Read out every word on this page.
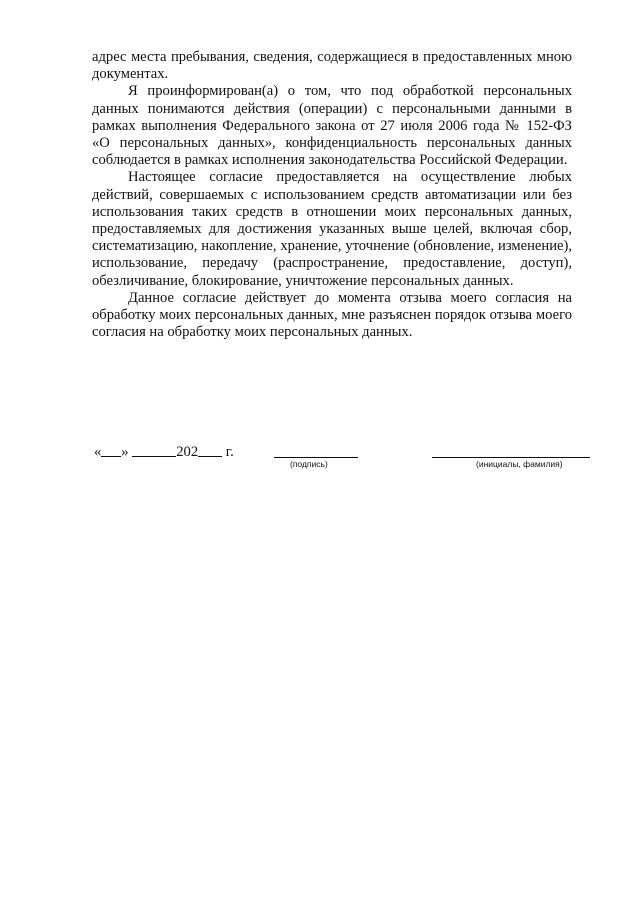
адрес места пребывания, сведения, содержащиеся в предоставленных мною документах.

Я проинформирован(а) о том, что под обработкой персональных данных понимаются действия (операции) с персональными данными в рамках выполнения Федерального закона от 27 июля 2006 года № 152-ФЗ «О персональных данных», конфиденциальность персональных данных соблюдается в рамках исполнения законодательства Российской Федерации.

Настоящее согласие предоставляется на осуществление любых действий, совершаемых с использованием средств автоматизации или без использования таких средств в отношении моих персональных данных, предоставляемых для достижения указанных выше целей, включая сбор, систематизацию, накопление, хранение, уточнение (обновление, изменение), использование, передачу (распространение, предоставление, доступ), обезличивание, блокирование, уничтожение персональных данных.

Данное согласие действует до момента отзыва моего согласия на обработку моих персональных данных, мне разъяснен порядок отзыва моего согласия на обработку моих персональных данных.

« »	202 г.
(подпись)	(инициалы, фамилия)
